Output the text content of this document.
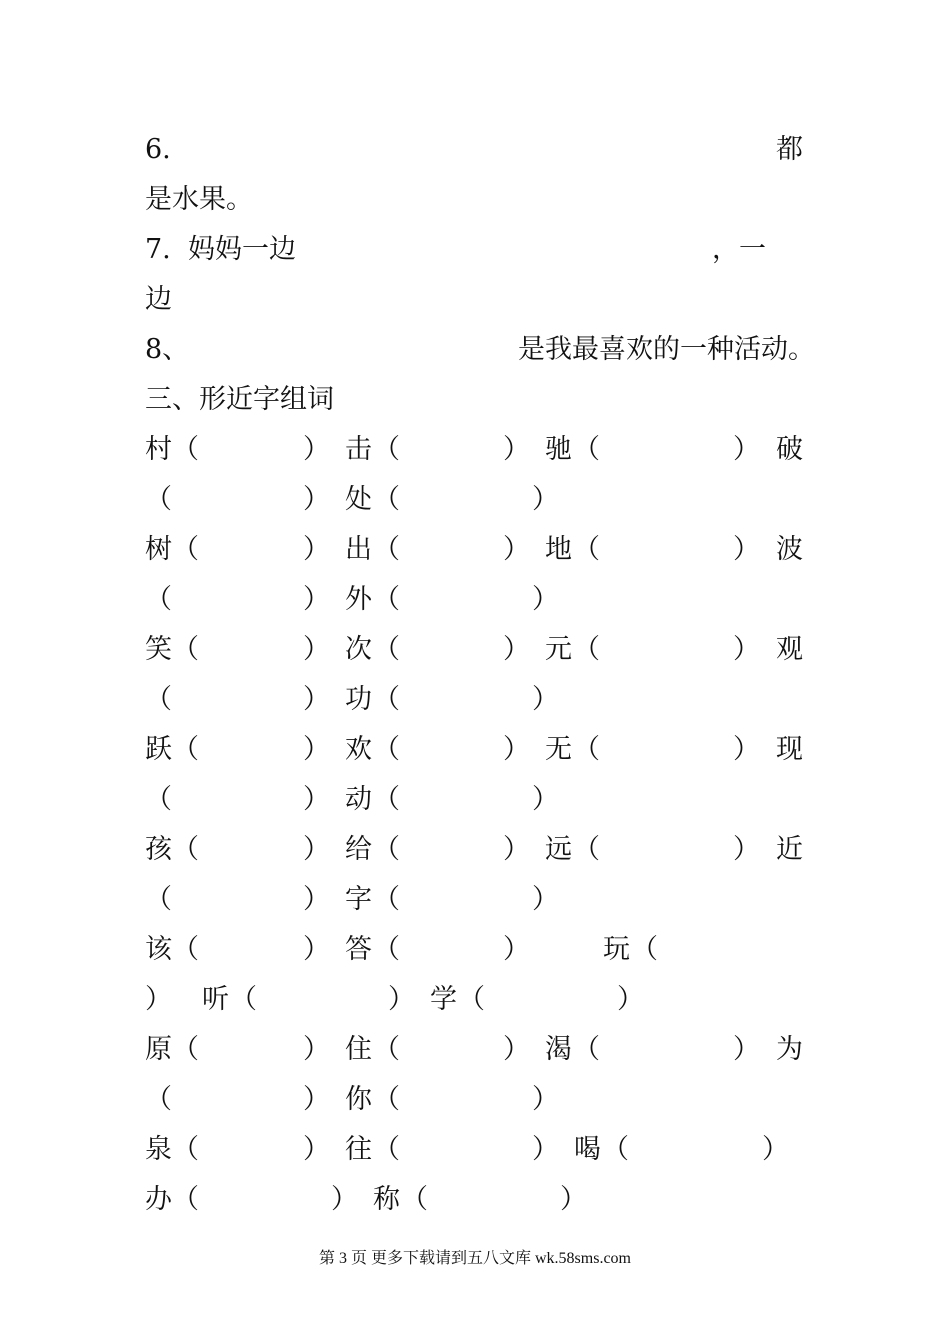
6.	都
是水果。
7. 妈妈一边	，一
边
8、	是我最喜欢的一种活动。
三、形近字组词
村 （	） 击 （	） 驰 （	） 破
（	） 处 （	）
树 （	） 出 （	） 地 （	） 波
（	） 外 （	）
笑 （	） 次 （	） 元 （	） 观
（	） 功 （	）
跃 （	） 欢 （	） 无 （	） 现
（	） 动 （	）
孩 （	） 给 （	） 远 （	） 近
（	） 字 （	）
该 （	） 答 （	）	玩 （
） 听 （	） 学 （	）
原 （	） 住 （	） 渴 （	） 为
（	） 你 （	）
泉 （	） 往 （	） 喝 （	）
办 （	） 称 （	）
第 3 页 更多下载请到五八文库 wk.58sms.com
